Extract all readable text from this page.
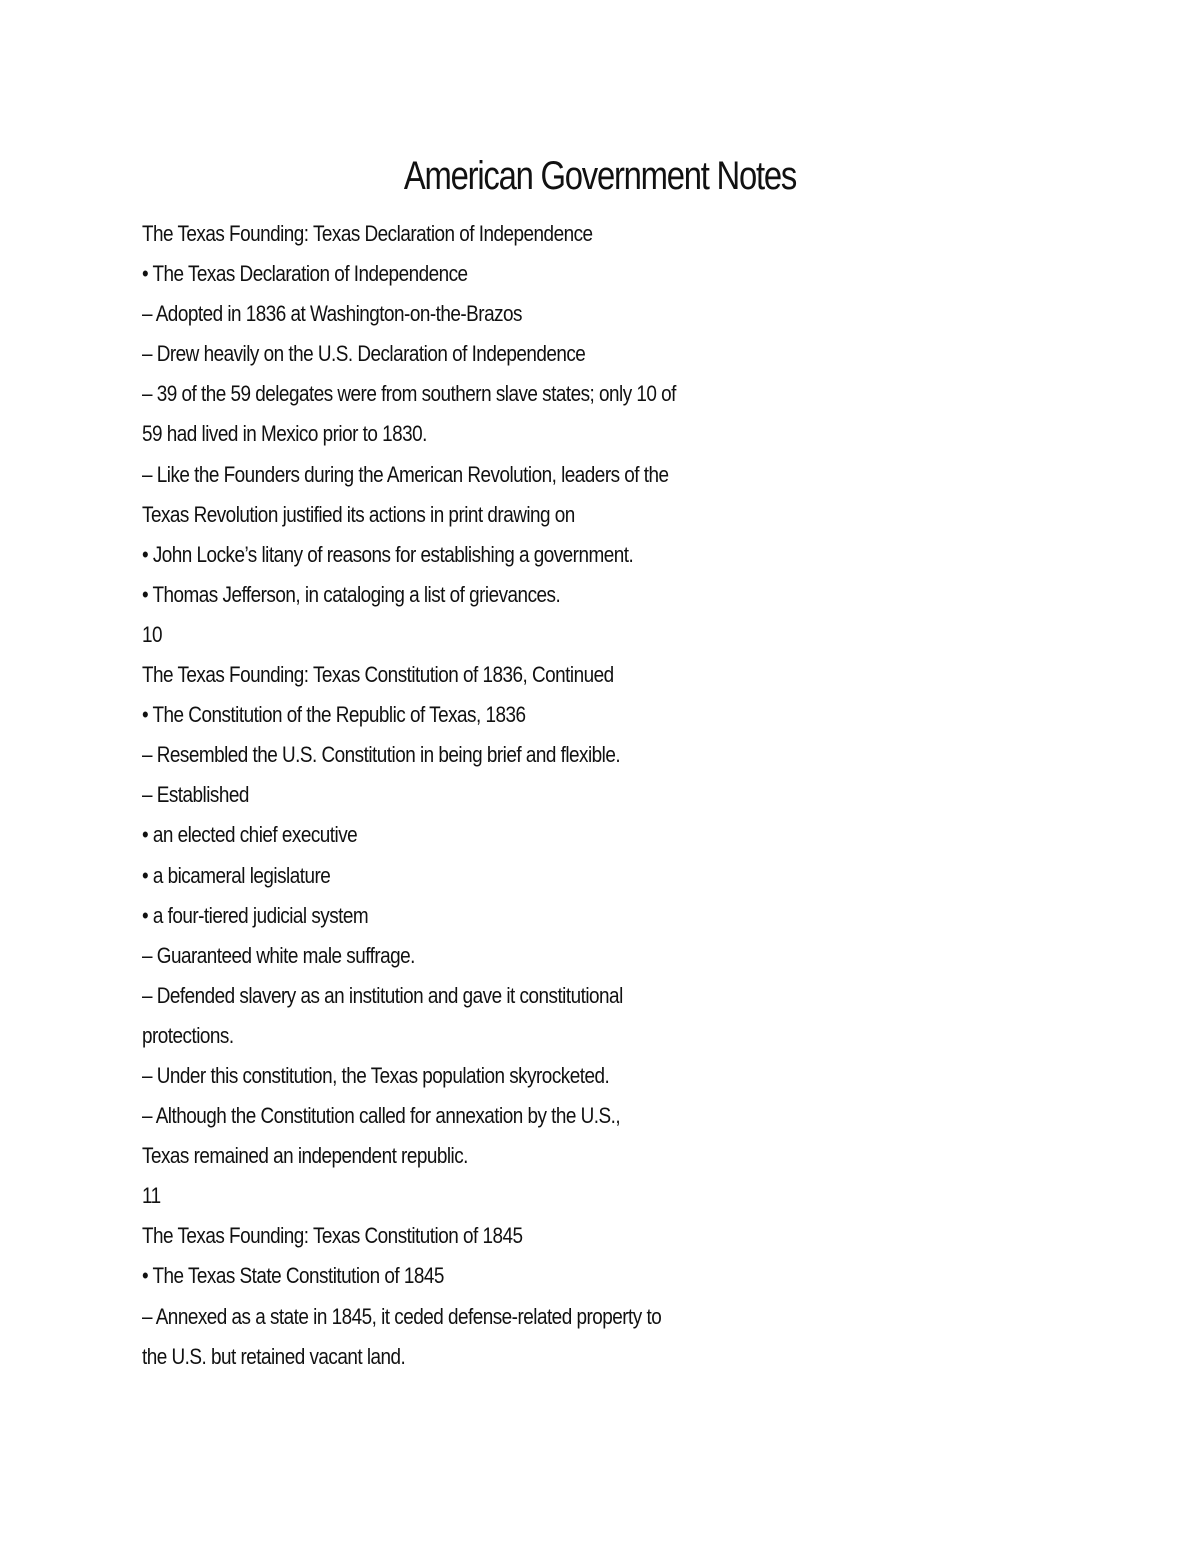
American Government Notes
The Texas Founding: Texas Declaration of Independence
• The Texas Declaration of Independence
– Adopted in 1836 at Washington-on-the-Brazos
– Drew heavily on the U.S. Declaration of Independence
– 39 of the 59 delegates were from southern slave states; only 10 of
59 had lived in Mexico prior to 1830.
– Like the Founders during the American Revolution, leaders of the
Texas Revolution justified its actions in print drawing on
• John Locke’s litany of reasons for establishing a government.
• Thomas Jefferson, in cataloging a list of grievances.
10
The Texas Founding: Texas Constitution of 1836, Continued
• The Constitution of the Republic of Texas, 1836
– Resembled the U.S. Constitution in being brief and flexible.
– Established
• an elected chief executive
• a bicameral legislature
• a four-tiered judicial system
– Guaranteed white male suffrage.
– Defended slavery as an institution and gave it constitutional
protections.
– Under this constitution, the Texas population skyrocketed.
– Although the Constitution called for annexation by the U.S.,
Texas remained an independent republic.
11
The Texas Founding: Texas Constitution of 1845
• The Texas State Constitution of 1845
– Annexed as a state in 1845, it ceded defense-related property to
the U.S. but retained vacant land.
